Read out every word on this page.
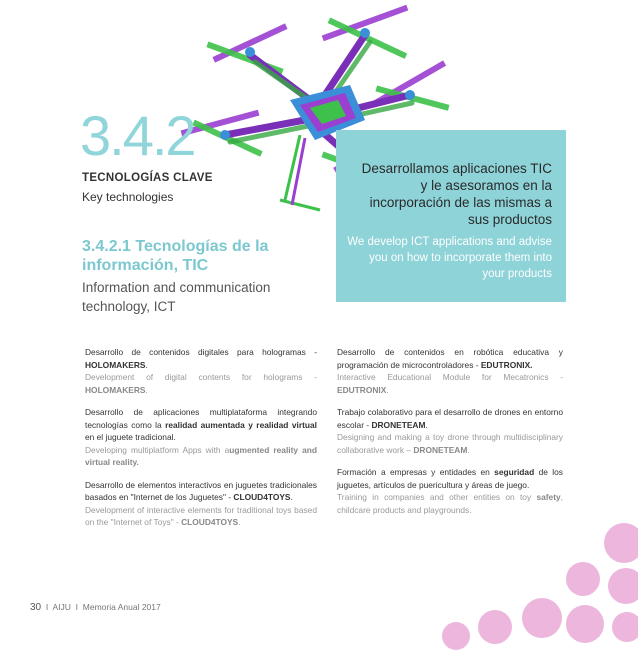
3.4.2
TECNOLOGÍAS CLAVE
Key technologies
Desarrollamos aplicaciones TIC y le asesoramos en la incorporación de las mismas a sus productos
We develop ICT applications and advise you on how to incorporate them into your products
3.4.2.1 Tecnologías de la información, TIC
Information and communication technology, ICT

Desarrollo de contenidos digitales para hologramas - HOLOMAKERS.

Development of digital contents for holograms - HOLOMAKERS.

Desarrollo de aplicaciones multiplataforma integrando tecnologías como la realidad aumentada y realidad virtual en el juguete tradicional.

Developing multiplatform Apps with augmented reality and virtual reality.

Desarrollo de elementos interactivos en juguetes tradicionales basados en "Internet de los Juguetes" - CLOUD4TOYS.

Development of interactive elements for traditional toys based on the "Internet of Toys" - CLOUD4TOYS.

Desarrollo de contenidos en robótica educativa y programación de microcontroladores - EDUTRONIX.

Interactive Educational Module for Mecatronics - EDUTRONIX.

Trabajo colaborativo para el desarrollo de drones en entorno escolar - DRONETEAM.

Designing and making a toy drone through multidisciplinary collaborative work – DRONETEAM.

Formación a empresas y entidades en seguridad de los juguetes, artículos de puericultura y áreas de juego.

Training in companies and other entities on toy safety, childcare products and playgrounds.

30 I AIJU I Memoria Anual 2017
